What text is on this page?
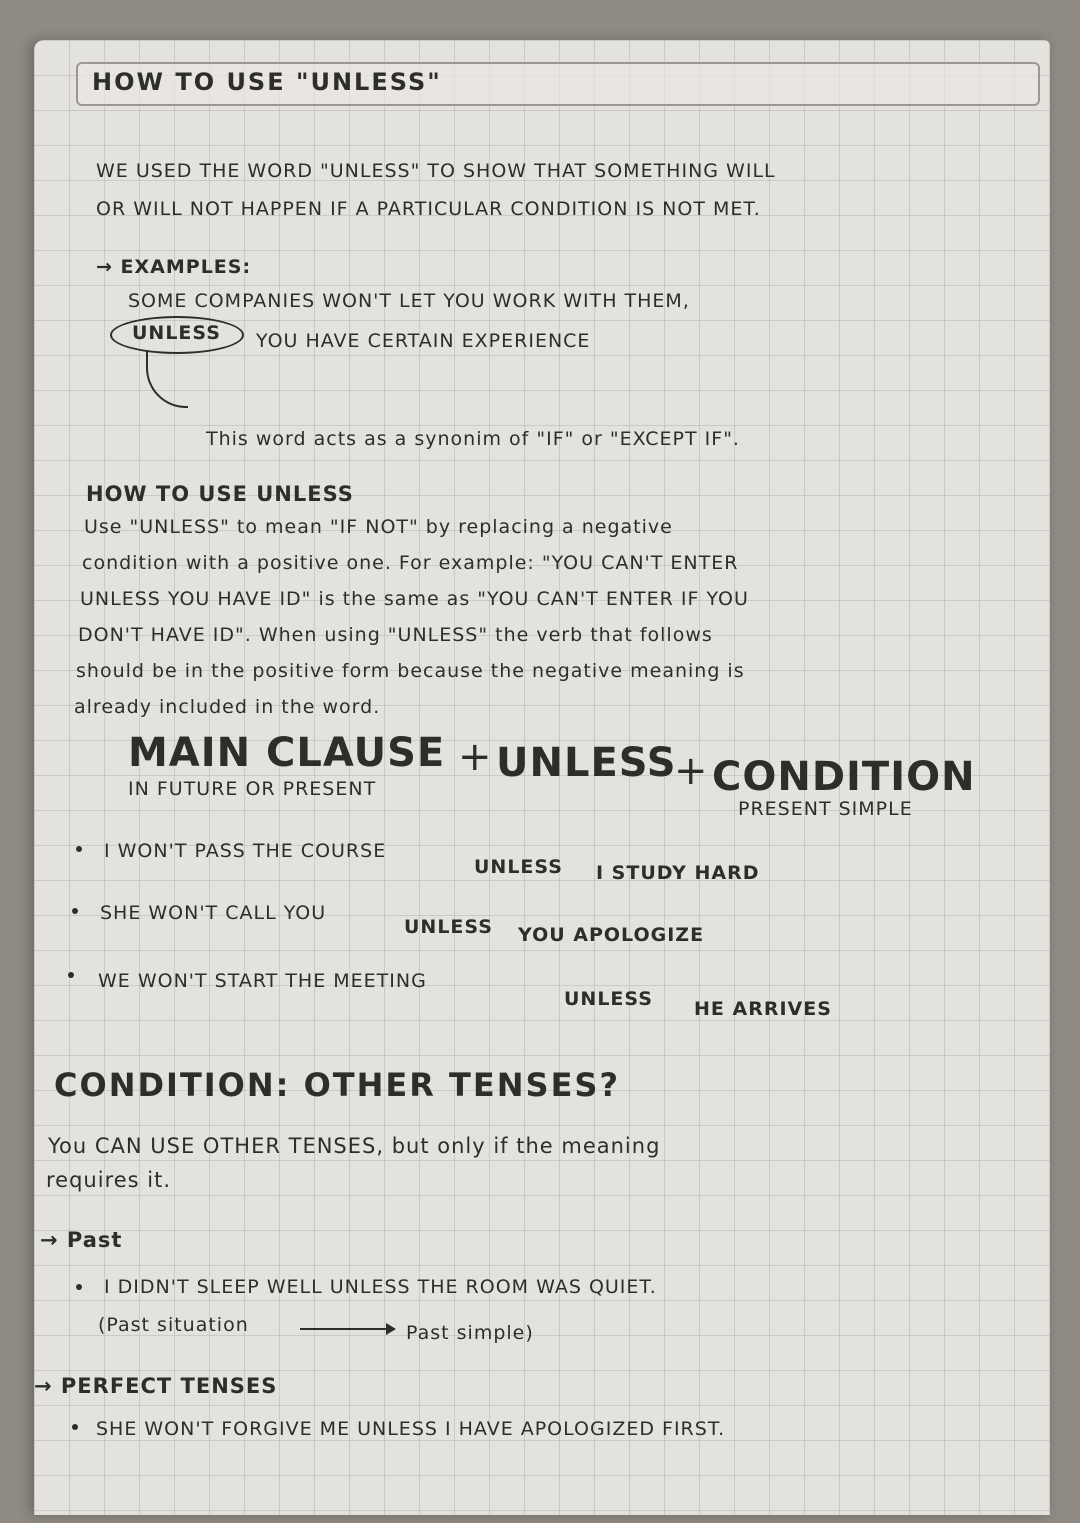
HOW TO USE "UNLESS"
WE USED THE WORD "UNLESS" TO SHOW THAT SOMETHING WILL
OR WILL NOT HAPPEN IF A PARTICULAR CONDITION IS NOT MET.
→ EXAMPLES:
SOME COMPANIES WON'T LET YOU WORK WITH THEM,
UNLESS YOU HAVE CERTAIN EXPERIENCE
This word acts as a synonim of "IF" or "EXCEPT IF".
HOW TO USE UNLESS
Use "UNLESS" to mean "IF NOT" by replacing a negative
condition with a positive one. For example: "YOU CAN'T ENTER
UNLESS YOU HAVE ID" is the same as "YOU CAN'T ENTER IF YOU
DON'T HAVE ID". When using "UNLESS" the verb that follows
should be in the positive form because the negative meaning is
already included in the word.
MAIN CLAUSE + UNLESS
+ CONDITION
IN FUTURE OR PRESENT
PRESENT SIMPLE
I WON'T PASS THE COURSE
UNLESS I STUDY HARD
SHE WON'T CALL YOU
UNLESS YOU APOLOGIZE
WE WON'T START THE MEETING
UNLESS HE ARRIVES
CONDITION: OTHER TENSES?
You CAN USE OTHER TENSES, but only if the meaning
requires it.
→ Past
I DIDN'T SLEEP WELL UNLESS THE ROOM WAS QUIET.
(Past situation	Past simple)
→ PERFECT TENSES
SHE WON'T FORGIVE ME UNLESS I HAVE APOLOGIZED FIRST.
